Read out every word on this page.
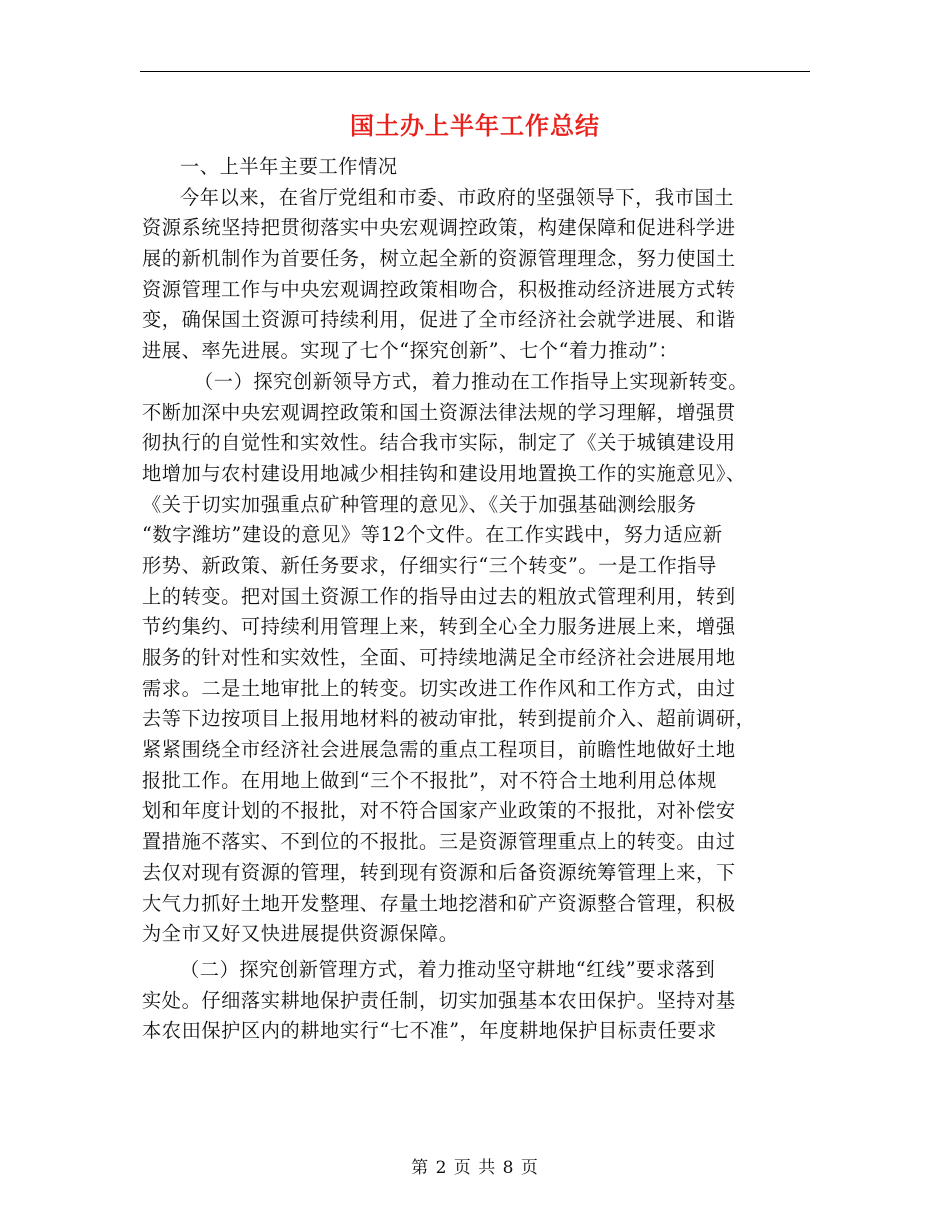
国土办上半年工作总结
一、上半年主要工作情况
今年以来，在省厅党组和市委、市政府的坚强领导下，我市国土
资源系统坚持把贯彻落实中央宏观调控政策，构建保障和促进科学进
展的新机制作为首要任务，树立起全新的资源管理理念，努力使国土
资源管理工作与中央宏观调控政策相吻合，积极推动经济进展方式转
变，确保国土资源可持续利用，促进了全市经济社会就学进展、和谐
进展、率先进展。实现了七个“探究创新”、七个“着力推动”：
（一）探究创新领导方式，着力推动在工作指导上实现新转变。
不断加深中央宏观调控政策和国土资源法律法规的学习理解，增强贯
彻执行的自觉性和实效性。结合我市实际，制定了《关于城镇建设用
地增加与农村建设用地减少相挂钩和建设用地置换工作的实施意见》、
《关于切实加强重点矿种管理的意见》、《关于加强基础测绘服务
“数字潍坊”建设的意见》等12个文件。在工作实践中，努力适应新
形势、新政策、新任务要求，仔细实行“三个转变”。一是工作指导
上的转变。把对国土资源工作的指导由过去的粗放式管理利用，转到
节约集约、可持续利用管理上来，转到全心全力服务进展上来，增强
服务的针对性和实效性，全面、可持续地满足全市经济社会进展用地
需求。二是土地审批上的转变。切实改进工作作风和工作方式，由过
去等下边按项目上报用地材料的被动审批，转到提前介入、超前调研，
紧紧围绕全市经济社会进展急需的重点工程项目，前瞻性地做好土地
报批工作。在用地上做到“三个不报批”，对不符合土地利用总体规
划和年度计划的不报批，对不符合国家产业政策的不报批，对补偿安
置措施不落实、不到位的不报批。三是资源管理重点上的转变。由过
去仅对现有资源的管理，转到现有资源和后备资源统筹管理上来，下
大气力抓好土地开发整理、存量土地挖潜和矿产资源整合管理，积极
为全市又好又快进展提供资源保障。
（二）探究创新管理方式，着力推动坚守耕地“红线”要求落到
实处。仔细落实耕地保护责任制，切实加强基本农田保护。坚持对基
本农田保护区内的耕地实行“七不准”，年度耕地保护目标责任要求
第 2 页 共 8 页
